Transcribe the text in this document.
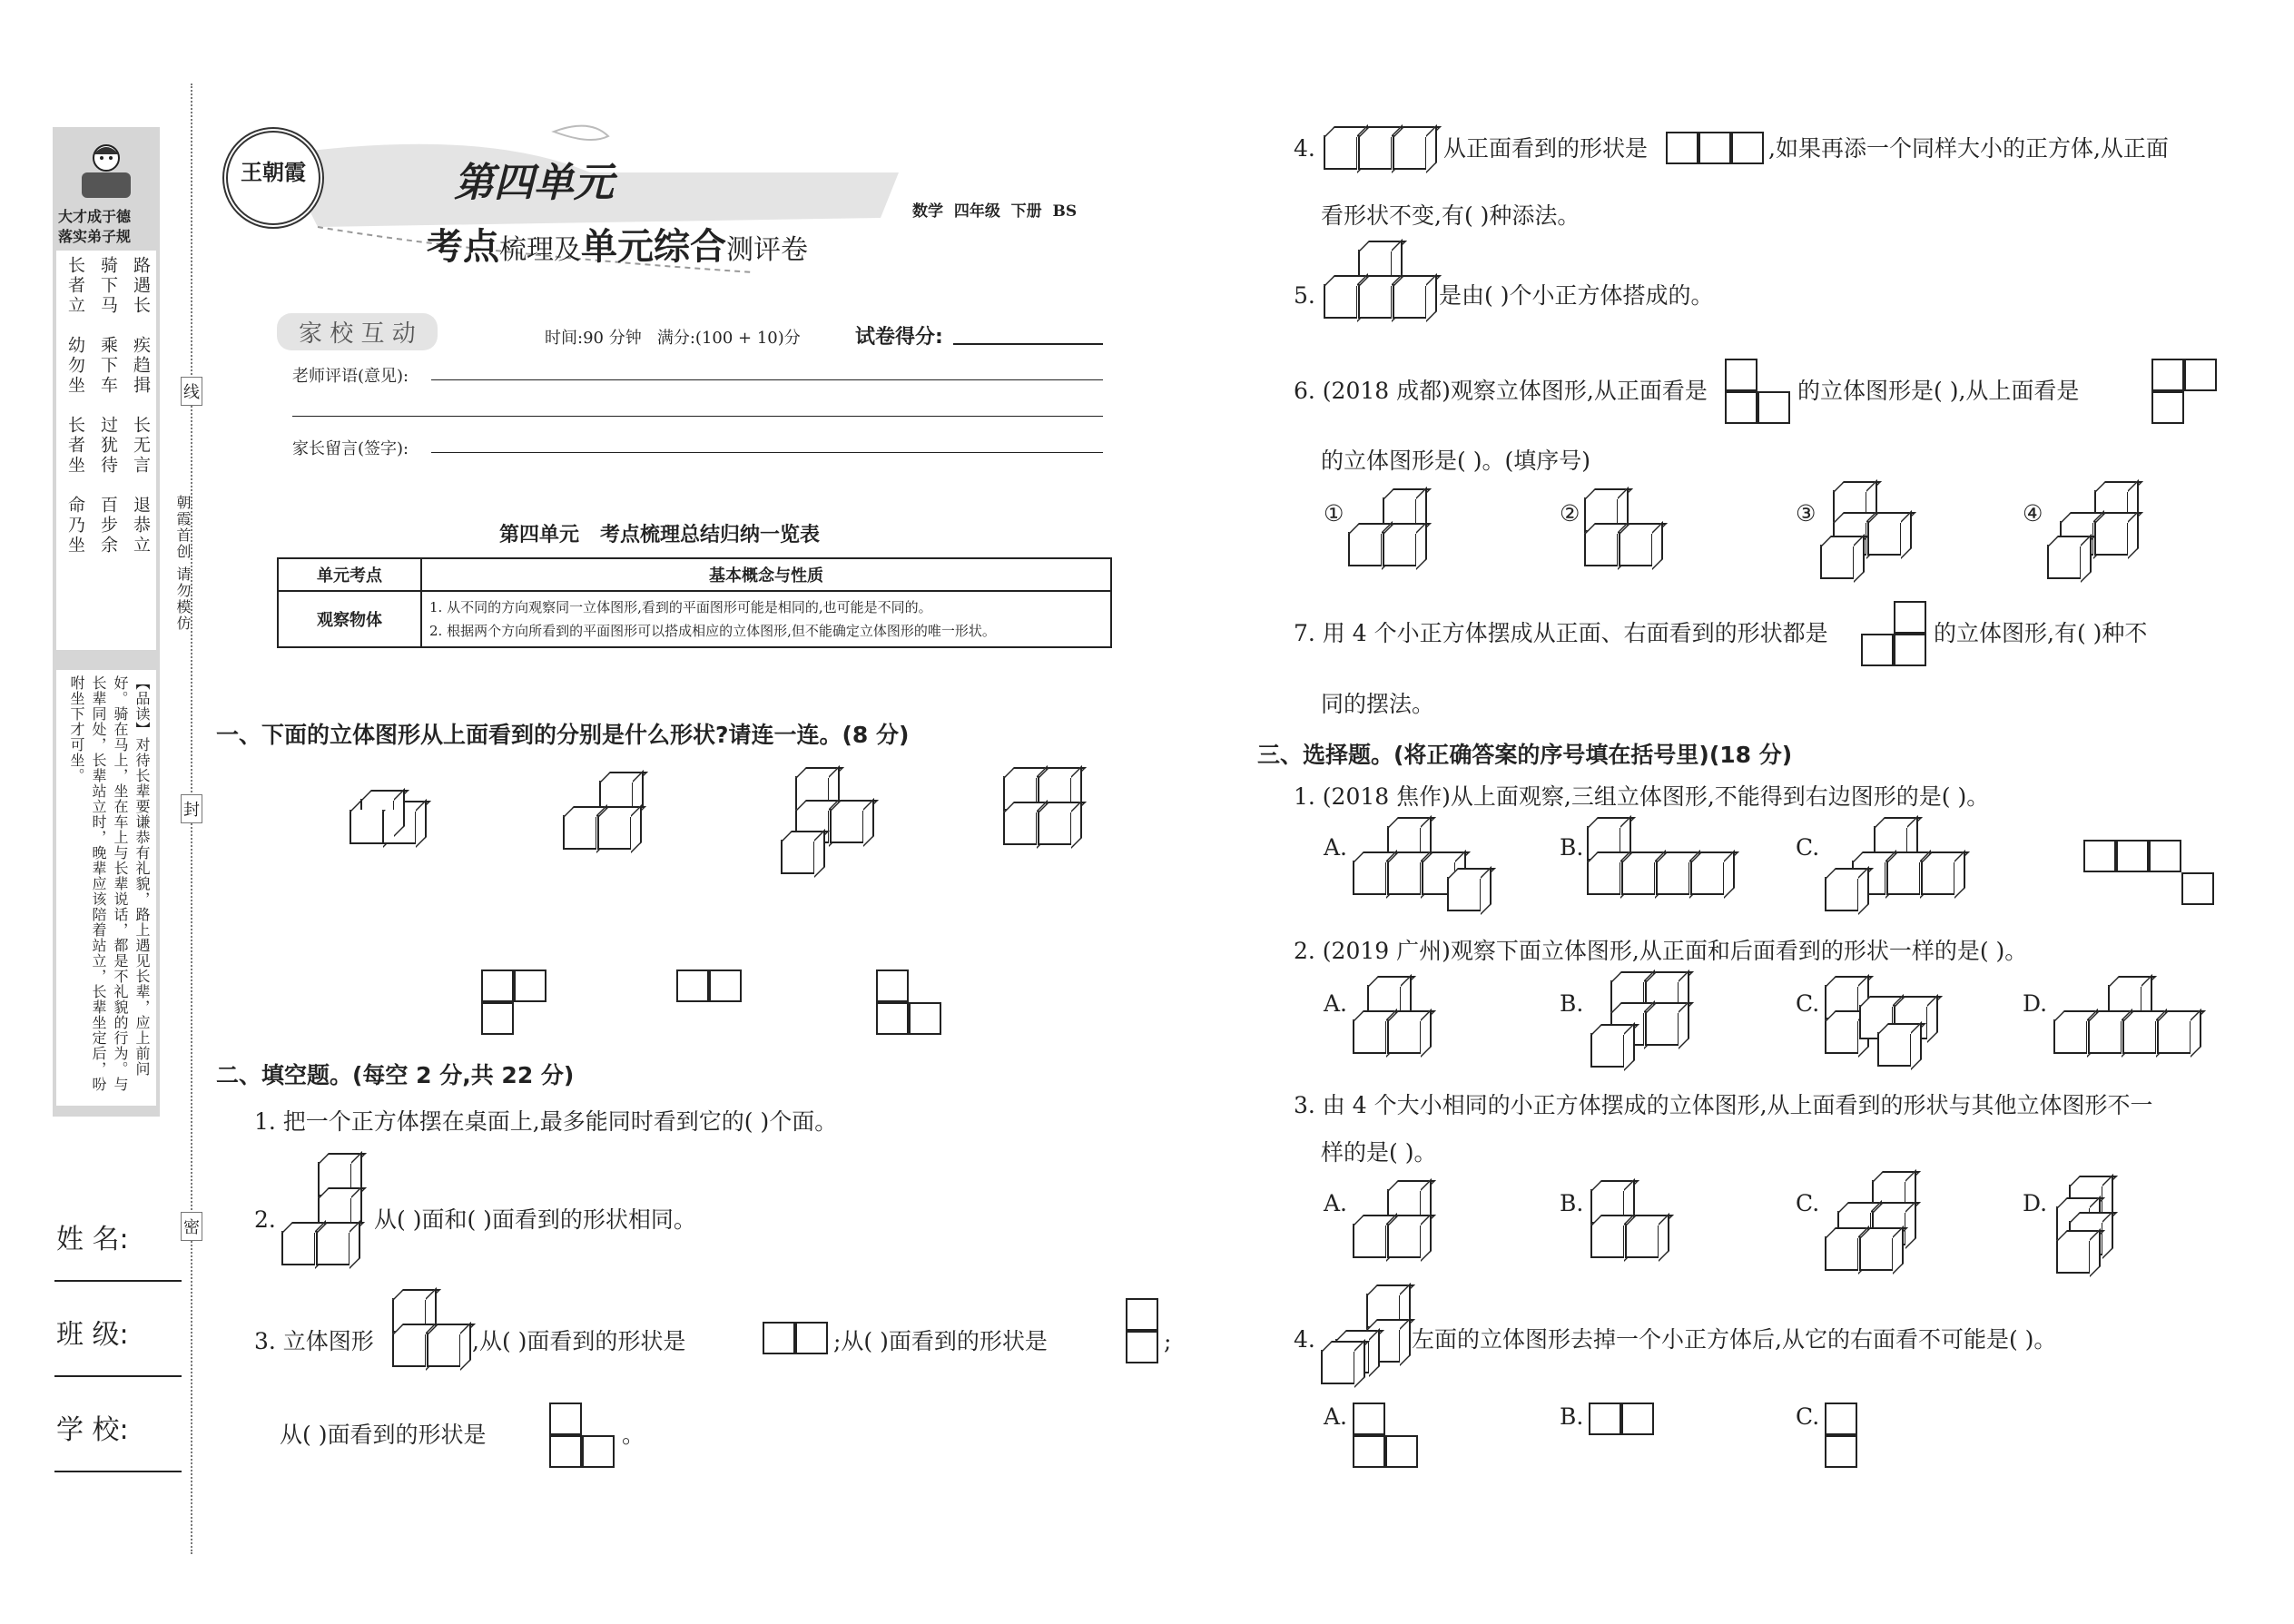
大才成于德
落实弟子规
路遇长
疾趋揖
长无言
退恭立
骑下马
乘下车
过犹待
百步余
长者立
幼勿坐
长者坐
命乃坐
【品读】对待长辈要谦恭有礼貌，路上遇见长辈，应上前问好。骑在马上，坐在车上与长辈说话，都是不礼貌的行为。与长辈同处，长辈站立时，晚辈应该陪着站立，长辈坐定后，吩咐坐下才可坐。
朝霞首创 请勿模仿
线
封
密
姓 名:
班 级:
学 校:
王朝霞	第四单元
考点梳理及单元综合测评卷
数学  四年级  下册  BS
家 校 互 动	时间:90 分钟   满分:(100 + 10)分	试卷得分:
老师评语(意见):
家长留言(签字):
第四单元   考点梳理总结归纳一览表
单元考点	基本概念与性质
观察物体	1. 从不同的方向观察同一立体图形,看到的平面图形可能是相同的,也可能是不同的。
2. 根据两个方向所看到的平面图形可以搭成相应的立体图形,但不能确定立体图形的唯一形状。
一、下面的立体图形从上面看到的分别是什么形状?请连一连。(8 分)
二、填空题。(每空 2 分,共 22 分)
1. 把一个正方体摆在桌面上,最多能同时看到它的( )个面。
2.	从( )面和( )面看到的形状相同。
3. 立体图形	,从( )面看到的形状是	;从( )面看到的形状是	;
从( )面看到的形状是	。
4.	从正面看到的形状是	,如果再添一个同样大小的正方体,从正面
看形状不变,有( )种添法。
5.	是由( )个小正方体搭成的。
6. (2018 成都)观察立体图形,从正面看是	的立体图形是( ),从上面看是
的立体图形是( )。(填序号)
①	②	③	④
7. 用 4 个小正方体摆成从正面、右面看到的形状都是	的立体图形,有( )种不
同的摆法。
三、选择题。(将正确答案的序号填在括号里)(18 分)
1. (2018 焦作)从上面观察,三组立体图形,不能得到右边图形的是( )。
A.	B.	C.
2. (2019 广州)观察下面立体图形,从正面和后面看到的形状一样的是( )。
A.	B.	C.	D.
3. 由 4 个大小相同的小正方体摆成的立体图形,从上面看到的形状与其他立体图形不一
样的是( )。
A.	B.	C.	D.
4.	左面的立体图形去掉一个小正方体后,从它的右面看不可能是( )。
A.	B.	C.
